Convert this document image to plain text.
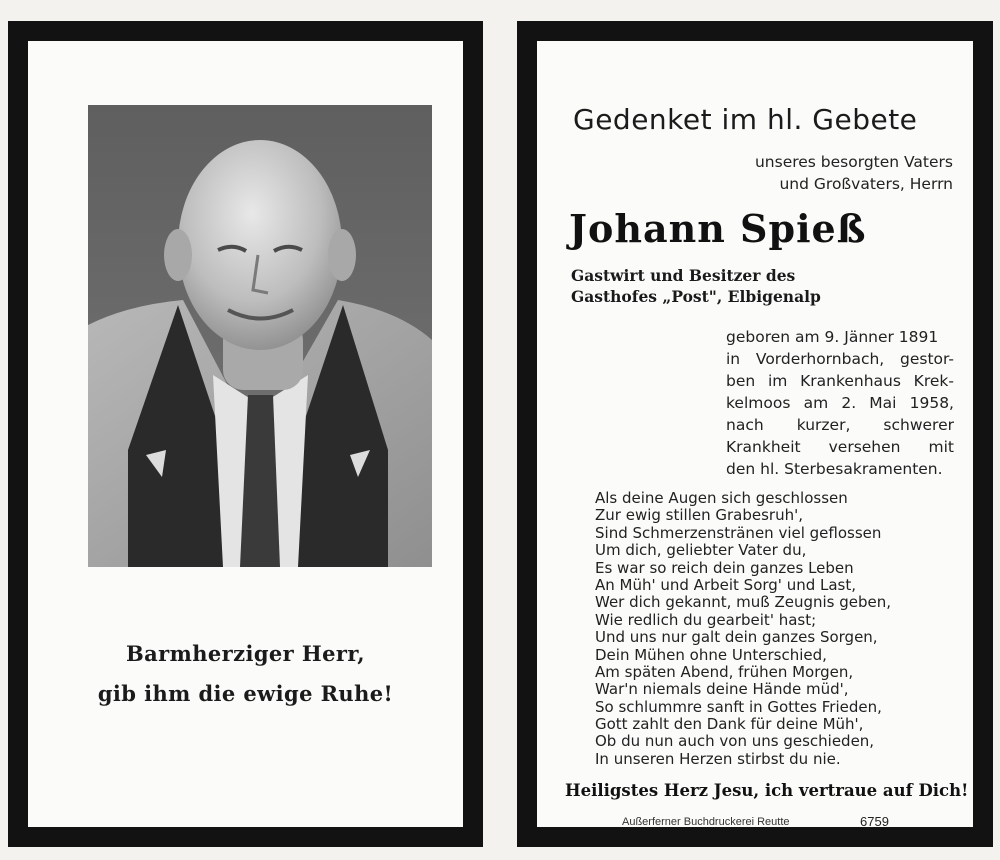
Barmherziger Herr,
gib ihm die ewige Ruhe!
Gedenket im hl. Gebete
unseres besorgten Vaters
und Großvaters, Herrn
Johann Spieß
Gastwirt und Besitzer des
Gasthofes „Post", Elbigenalp
geboren am 9. Jänner 1891
in Vorderhornbach, gestor-
ben im Krankenhaus Krek-
kelmoos am 2. Mai 1958,
nach kurzer, schwerer
Krankheit versehen mit
den hl. Sterbesakramenten.
Als deine Augen sich geschlossen
Zur ewig stillen Grabesruh',
Sind Schmerzenstränen viel geflossen
Um dich, geliebter Vater du,
Es war so reich dein ganzes Leben
An Müh' und Arbeit Sorg' und Last,
Wer dich gekannt, muß Zeugnis geben,
Wie redlich du gearbeit' hast;
Und uns nur galt dein ganzes Sorgen,
Dein Mühen ohne Unterschied,
Am späten Abend, frühen Morgen,
War'n niemals deine Hände müd',
So schlummre sanft in Gottes Frieden,
Gott zahlt den Dank für deine Müh',
Ob du nun auch von uns geschieden,
In unseren Herzen stirbst du nie.
Heiligstes Herz Jesu, ich vertraue auf Dich!
Außerferner Buchdruckerei Reutte	6759
